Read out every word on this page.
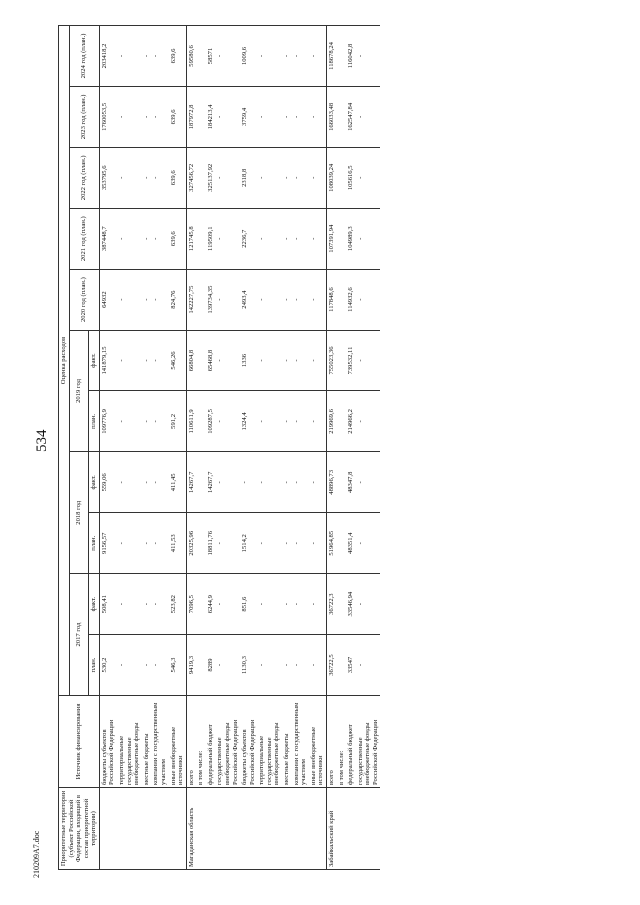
534
210209А7.doc	Приоритетные территории (субъект Российской Федерации, входящий в состав приоритетной территории)	Источник финансирования	Оценка расходов										
		2017 год		2018 год		2019 год		2020 год (план.)	2021 год (план.)	2022 год (план.)	2023 год (план.)	2024 год (план.)
		план.	факт.	план.	факт.	план.	факт.					
	бюджеты субъектов Российской Федерации	530,2	508,41	9156,57	559,06	109776,9	141879,15	64932	387448,7	353795,6	1760053,5	203418,2
	территориальные государственные внебюджетные фонды	-	-	-	-	-	-	-	-	-	-	-
	местные бюджеты	-	-	-	-	-	-	-	-	-	-	-
	компании с государственным участием	-	-	-	-	-	-	-	-	-	-	-
	иные внебюджетные источники	546,3	523,82	411,53	411,45	591,2	546,26	824,76	639,6	639,6	639,6	639,6
Магаданская область	всего	9419,3	7096,5	20325,96	14267,7	110611,9	66804,8	142227,75	121745,8	327456,72	187972,8	59580,6
	в том числе:											
	федеральный бюджет	8289	6244,9	18811,76	14267,7	109287,5	65468,8	139734,35	119509,1	325137,92	184213,4	58571
	государственные внебюджетные фонды Российской Федерации	-	-	-	-	-	-	-	-	-	-	-
	бюджеты субъектов Российской Федерации	1130,3	851,6	1514,2	-	1324,4	1336	2493,4	2236,7	2318,8	3759,4	1009,6
	территориальные государственные внебюджетные фонды	-	-	-	-	-	-	-	-	-	-	-
	местные бюджеты	-	-	-	-	-	-	-	-	-	-	-
	компании с государственным участием	-	-	-	-	-	-	-	-	-	-	-
	иные внебюджетные источники	-	-	-	-	-	-	-	-	-	-	-
Забайкальский край	всего	36722,5	36722,3	51964,85	48896,73	219969,6	755023,36	117848,6	107391,94	108039,24	166033,48	118678,24
	в том числе:											
	федеральный бюджет	33547	33546,94	48351,4	48347,8	214966,2	739532,11	114932,6	104989,3	105616,5	162547,84	116042,8
	государственные внебюджетные фонды Российской Федерации	-	-	-	-	-	-	-	-	-	-	-
